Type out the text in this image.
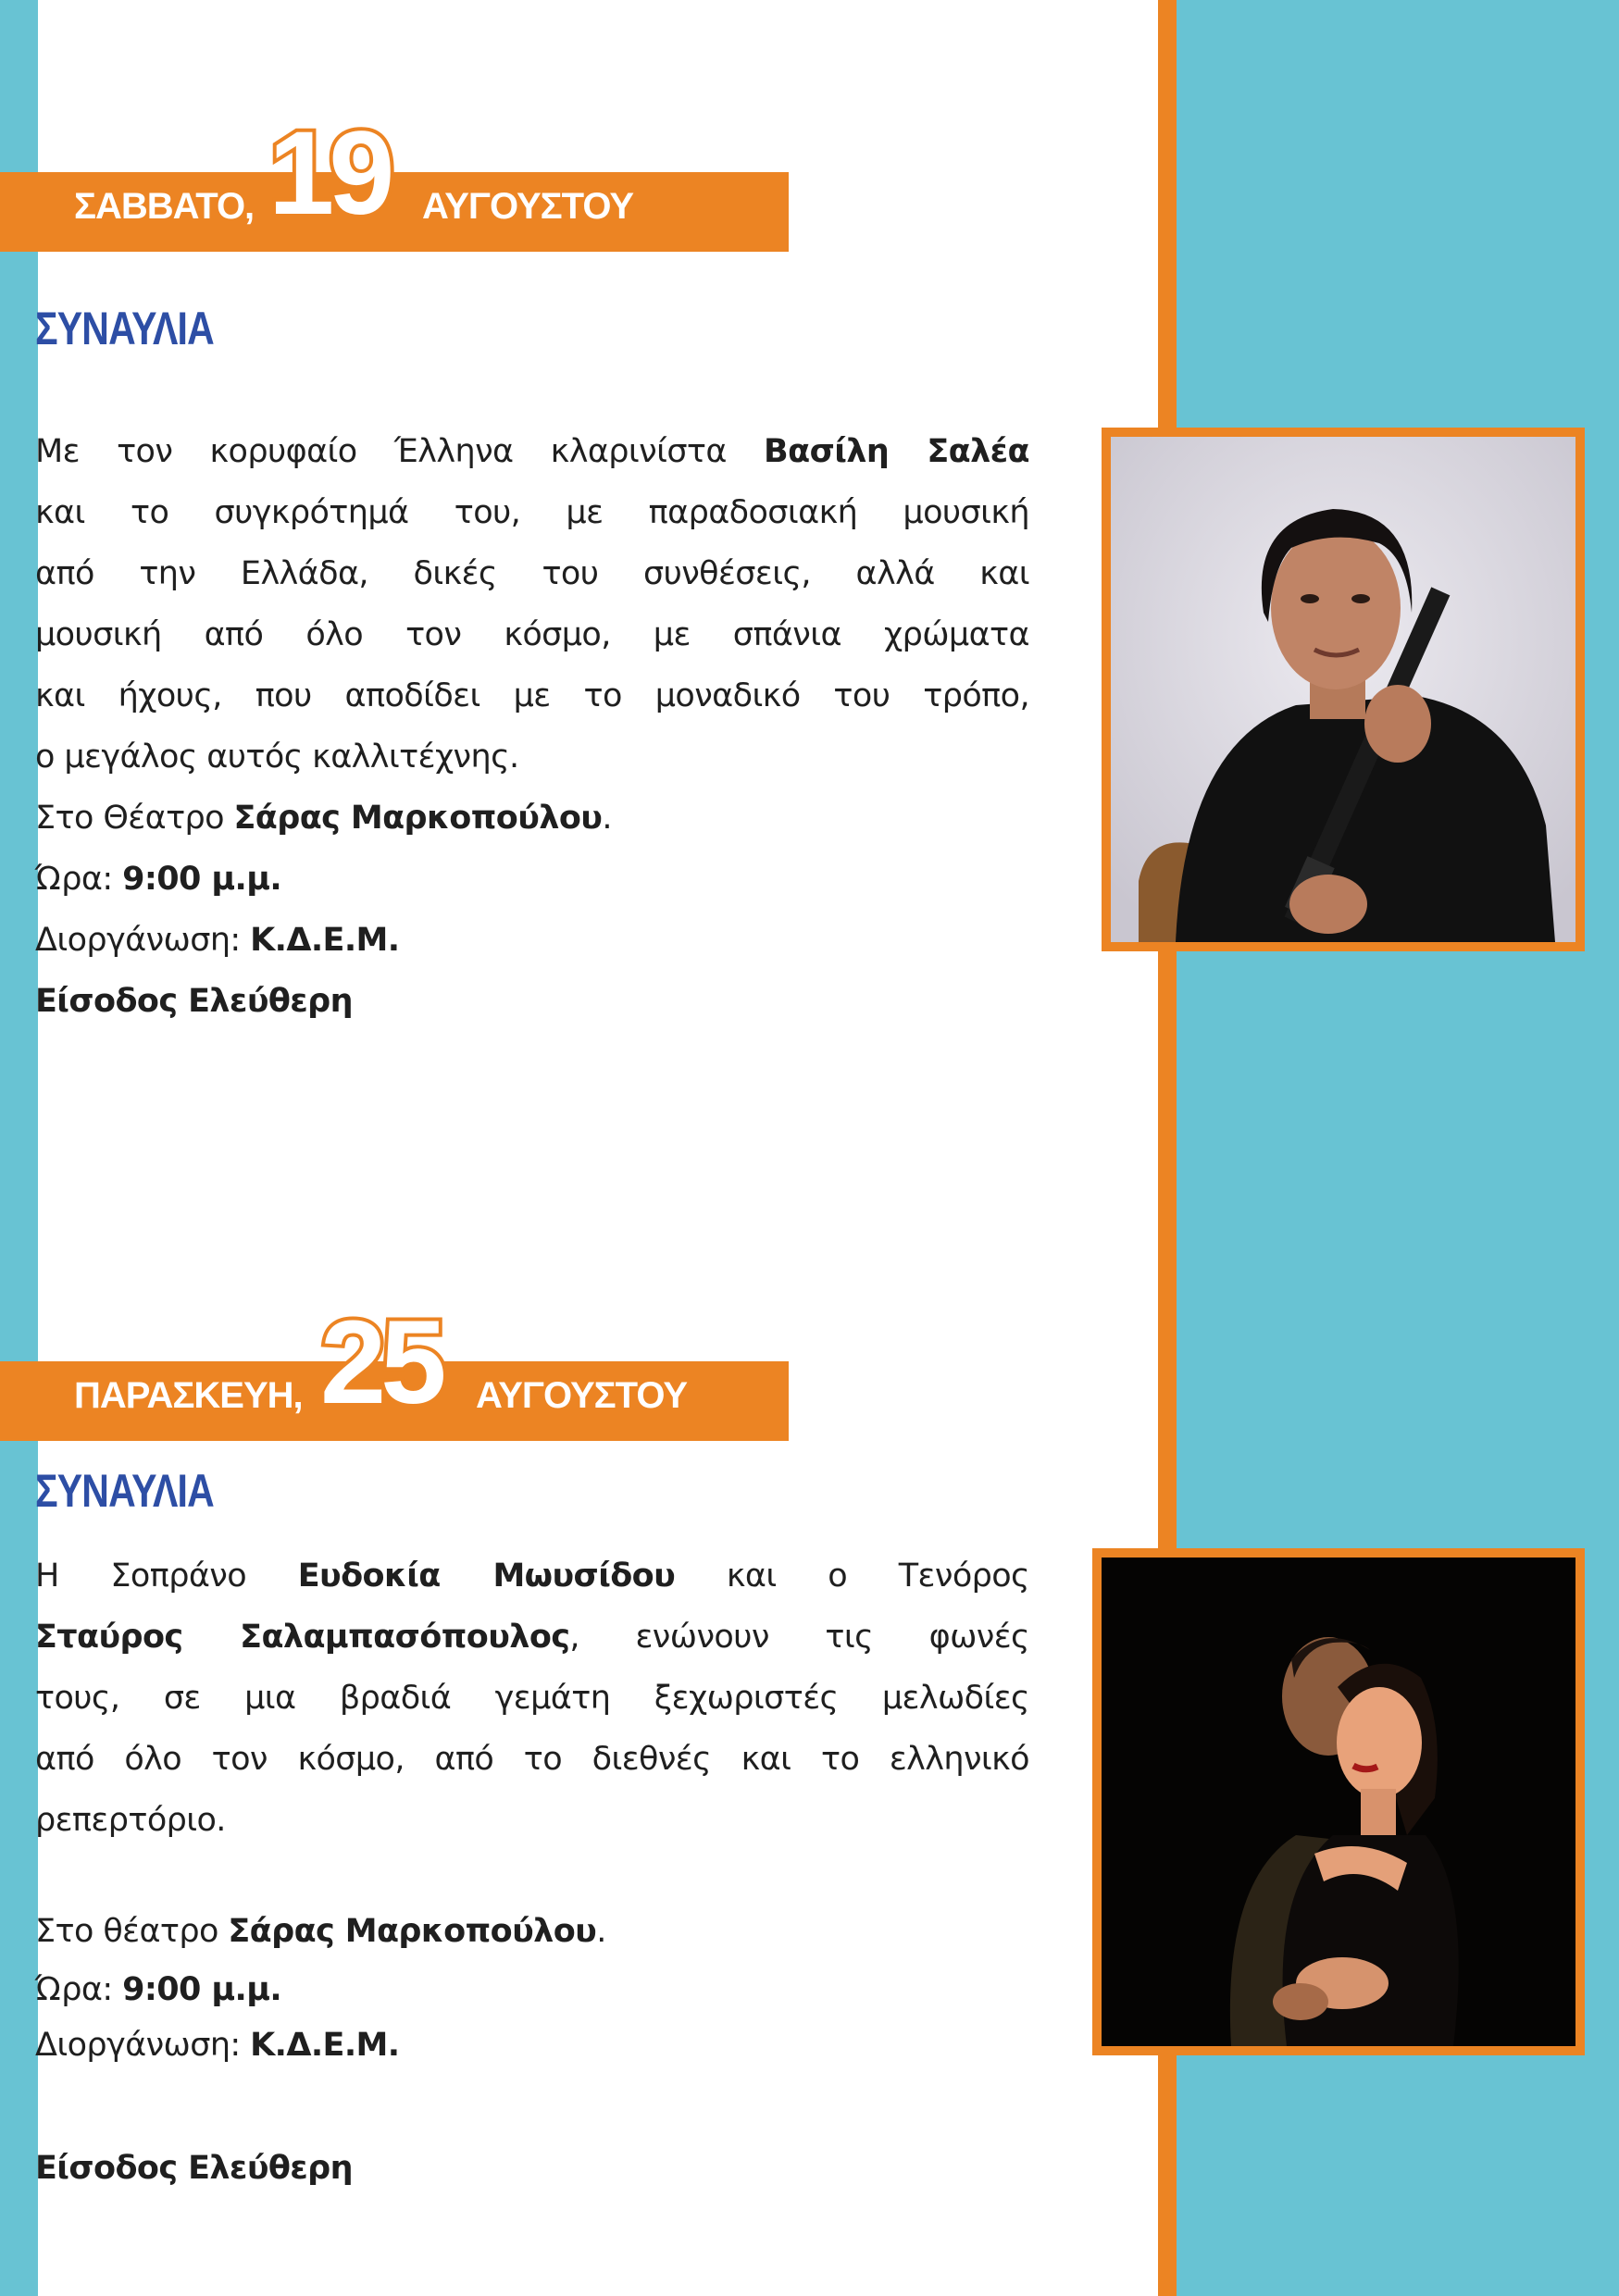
ΣΑΒΒΑΤΟ, 19 ΑΥΓΟΥΣΤΟΥ
ΣΥΝΑΥΛΙΑ
Με τον κορυφαίο Έλληνα κλαρινίστα Βασίλη Σαλέα
και το συγκρότημά του, με παραδοσιακή μουσική
από την Ελλάδα, δικές του συνθέσεις, αλλά και
μουσική από όλο τον κόσμο, με σπάνια χρώματα
και ήχους, που αποδίδει με το μοναδικό του τρόπο,
ο μεγάλος αυτός καλλιτέχνης.
Στο Θέατρο Σάρας Μαρκοπούλου.
Ώρα: 9:00 μ.μ.
Διοργάνωση: Κ.Δ.Ε.Μ.
Είσοδος Ελεύθερη
ΠΑΡΑΣΚΕΥΗ, 25 ΑΥΓΟΥΣΤΟΥ
ΣΥΝΑΥΛΙΑ
Η Σοπράνο Ευδοκία Μωυσίδου και ο Τενόρος
Σταύρος Σαλαμπασόπουλος, ενώνουν τις φωνές
τους, σε μια βραδιά γεμάτη ξεχωριστές μελωδίες
από όλο τον κόσμο, από το διεθνές και το ελληνικό
ρεπερτόριο.
Στο θέατρο Σάρας Μαρκοπούλου.
Ώρα: 9:00 μ.μ.
Διοργάνωση: Κ.Δ.Ε.Μ.
Είσοδος Ελεύθερη
